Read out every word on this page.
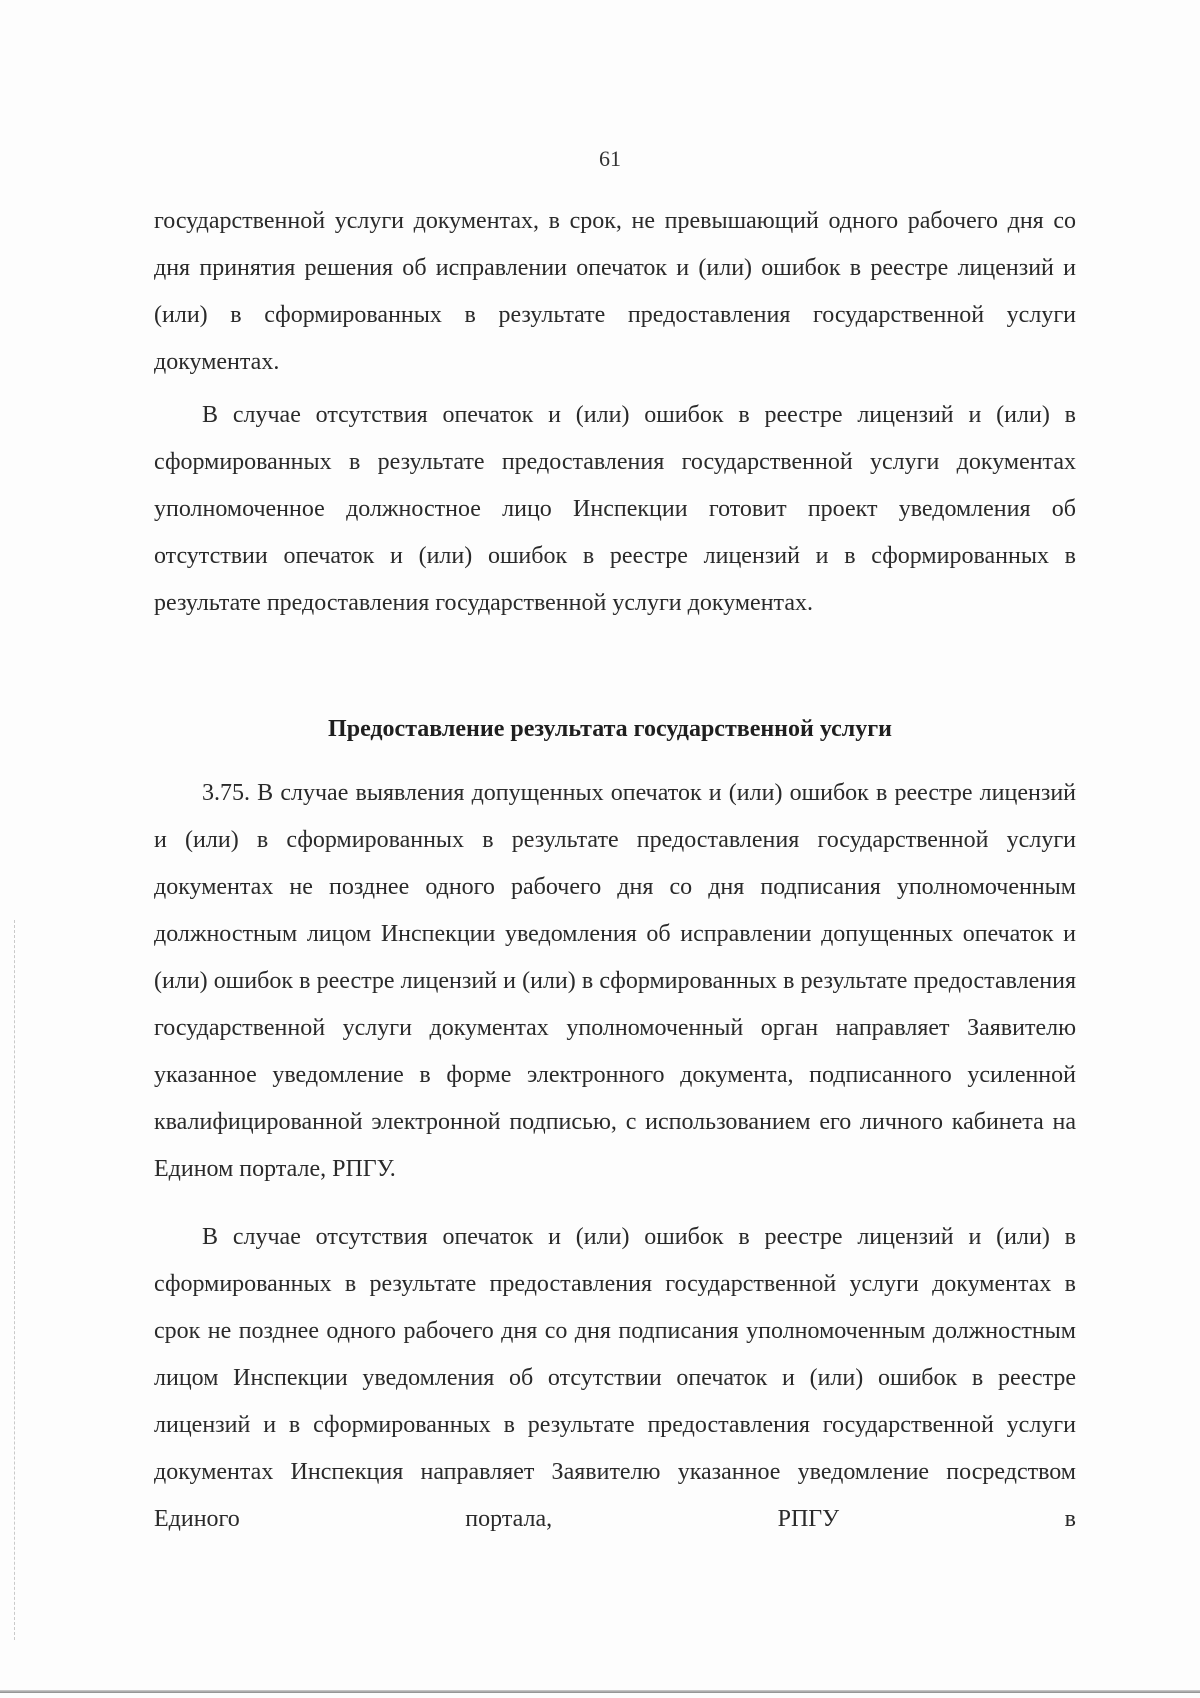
61

государственной услуги документах, в срок, не превышающий одного рабочего дня со дня принятия решения об исправлении опечаток и (или) ошибок в реестре лицензий и (или) в сформированных в результате предоставления государственной услуги документах.

В случае отсутствия опечаток и (или) ошибок в реестре лицензий и (или) в сформированных в результате предоставления государственной услуги документах уполномоченное должностное лицо Инспекции готовит проект уведомления об отсутствии опечаток и (или) ошибок в реестре лицензий и в сформированных в результате предоставления государственной услуги документах.

Предоставление результата государственной услуги

3.75. В случае выявления допущенных опечаток и (или) ошибок в реестре лицензий и (или) в сформированных в результате предоставления государственной услуги документах не позднее одного рабочего дня со дня подписания уполномоченным должностным лицом Инспекции уведомления об исправлении допущенных опечаток и (или) ошибок в реестре лицензий и (или) в сформированных в результате предоставления государственной услуги документах уполномоченный орган направляет Заявителю указанное уведомление в форме электронного документа, подписанного усиленной квалифицированной электронной подписью, с использованием его личного кабинета на Едином портале, РПГУ.

В случае отсутствия опечаток и (или) ошибок в реестре лицензий и (или) в сформированных в результате предоставления государственной услуги документах в срок не позднее одного рабочего дня со дня подписания уполномоченным должностным лицом Инспекции уведомления об отсутствии опечаток и (или) ошибок в реестре лицензий и в сформированных в результате предоставления государственной услуги документах Инспекция направляет Заявителю указанное уведомление посредством Единого портала, РПГУ в
